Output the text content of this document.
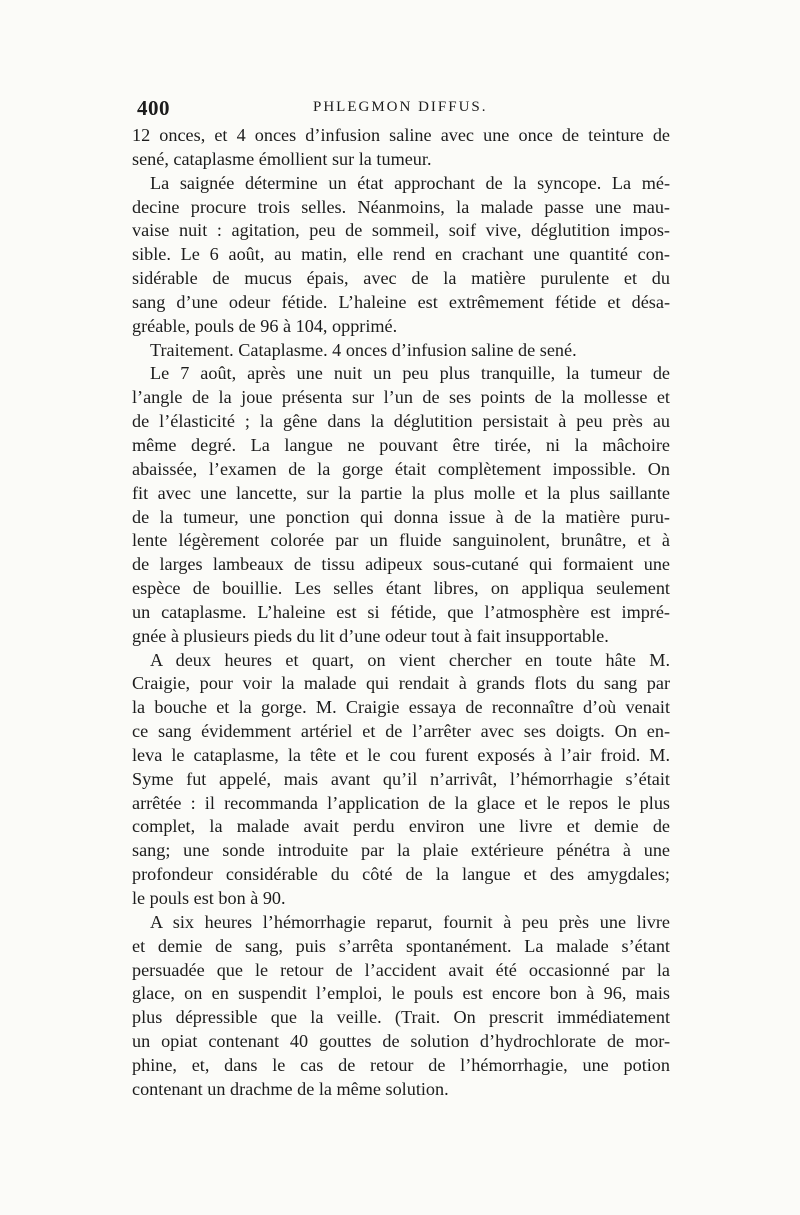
400	PHLEGMON DIFFUS.
12 onces, et 4 onces d’infusion saline avec une once de teinture de
sené, cataplasme émollient sur la tumeur.
La saignée détermine un état approchant de la syncope. La mé-
decine procure trois selles. Néanmoins, la malade passe une mau-
vaise nuit : agitation, peu de sommeil, soif vive, déglutition impos-
sible. Le 6 août, au matin, elle rend en crachant une quantité con-
sidérable de mucus épais, avec de la matière purulente et du
sang d’une odeur fétide. L’haleine est extrêmement fétide et désa-
gréable, pouls de 96 à 104, opprimé.
Traitement. Cataplasme. 4 onces d’infusion saline de sené.
Le 7 août, après une nuit un peu plus tranquille, la tumeur de
l’angle de la joue présenta sur l’un de ses points de la mollesse et
de l’élasticité ; la gêne dans la déglutition persistait à peu près au
même degré. La langue ne pouvant être tirée, ni la mâchoire
abaissée, l’examen de la gorge était complètement impossible. On
fit avec une lancette, sur la partie la plus molle et la plus saillante
de la tumeur, une ponction qui donna issue à de la matière puru-
lente légèrement colorée par un fluide sanguinolent, brunâtre, et à
de larges lambeaux de tissu adipeux sous-cutané qui formaient une
espèce de bouillie. Les selles étant libres, on appliqua seulement
un cataplasme. L’haleine est si fétide, que l’atmosphère est impré-
gnée à plusieurs pieds du lit d’une odeur tout à fait insupportable.
A deux heures et quart, on vient chercher en toute hâte M.
Craigie, pour voir la malade qui rendait à grands flots du sang par
la bouche et la gorge. M. Craigie essaya de reconnaître d’où venait
ce sang évidemment artériel et de l’arrêter avec ses doigts. On en-
leva le cataplasme, la tête et le cou furent exposés à l’air froid. M.
Syme fut appelé, mais avant qu’il n’arrivât, l’hémorrhagie s’était
arrêtée : il recommanda l’application de la glace et le repos le plus
complet, la malade avait perdu environ une livre et demie de
sang; une sonde introduite par la plaie extérieure pénétra à une
profondeur considérable du côté de la langue et des amygdales;
le pouls est bon à 90.
A six heures l’hémorrhagie reparut, fournit à peu près une livre
et demie de sang, puis s’arrêta spontanément. La malade s’étant
persuadée que le retour de l’accident avait été occasionné par la
glace, on en suspendit l’emploi, le pouls est encore bon à 96, mais
plus dépressible que la veille. (Trait. On prescrit immédiatement
un opiat contenant 40 gouttes de solution d’hydrochlorate de mor-
phine, et, dans le cas de retour de l’hémorrhagie, une potion
contenant un drachme de la même solution.
